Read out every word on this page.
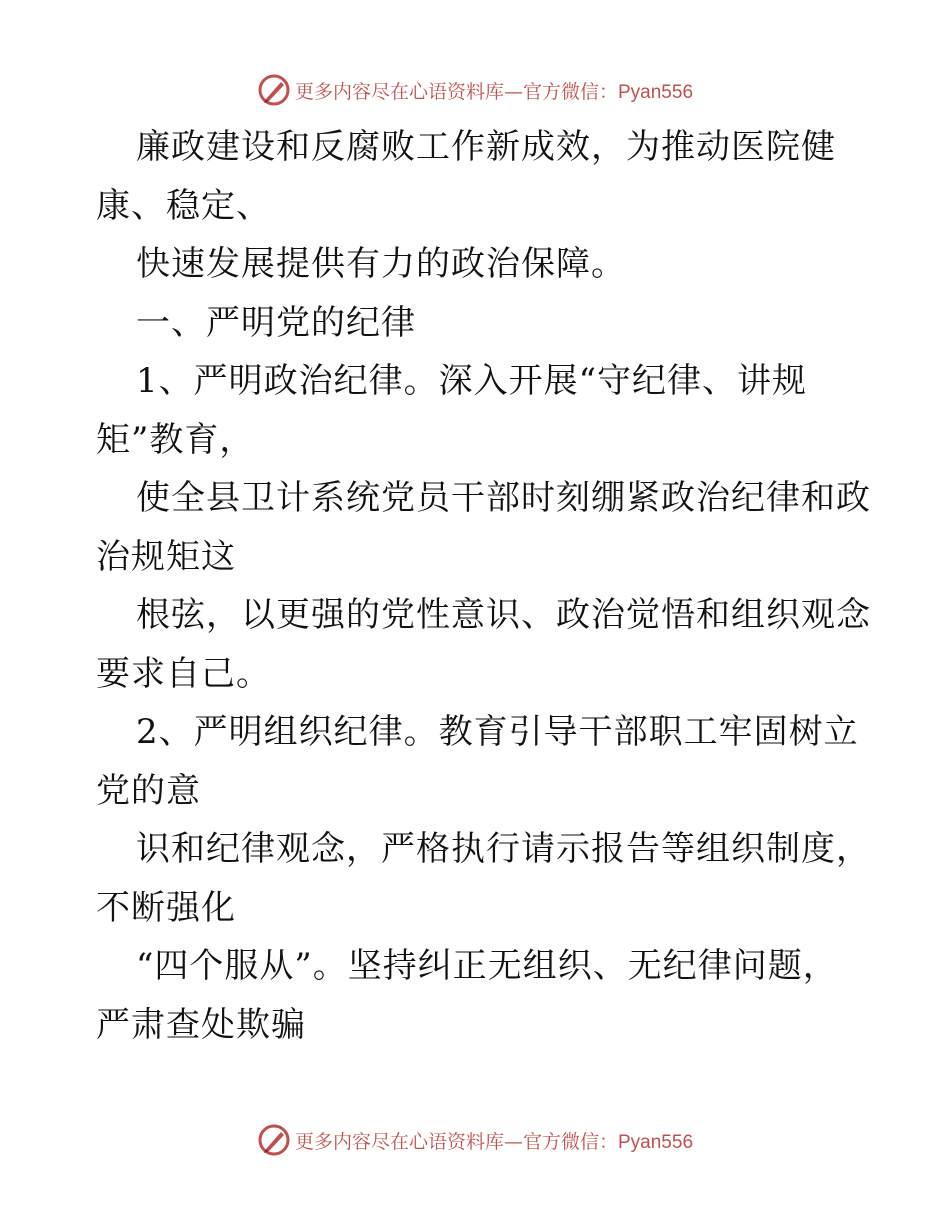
更多内容尽在心语资料库—官方微信：Pyan556
廉政建设和反腐败工作新成效，为推动医院健
康、稳定、
快速发展提供有力的政治保障。
一、严明党的纪律
1、严明政治纪律。深入开展“守纪律、讲规
矩”教育，
使全县卫计系统党员干部时刻绷紧政治纪律和政
治规矩这
根弦，以更强的党性意识、政治觉悟和组织观念
要求自己。
2、严明组织纪律。教育引导干部职工牢固树立
党的意
识和纪律观念，严格执行请示报告等组织制度，
不断强化
“四个服从”。坚持纠正无组织、无纪律问题，
严肃查处欺骗
更多内容尽在心语资料库—官方微信：Pyan556
